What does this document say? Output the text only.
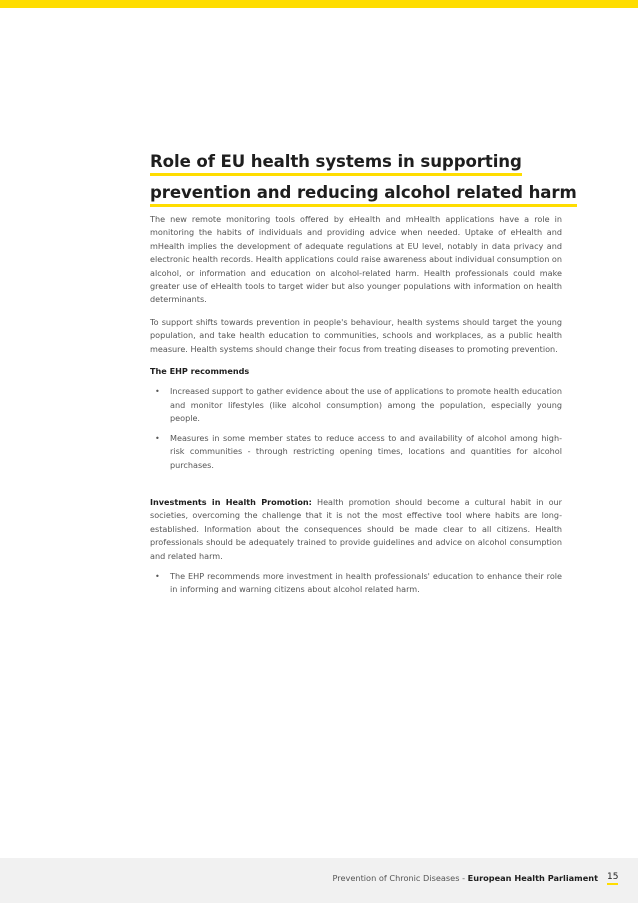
Role of EU health systems in supporting
prevention and reducing alcohol related harm

The new remote monitoring tools offered by eHealth and mHealth applications have a role in monitoring the habits of individuals and providing advice when needed. Uptake of eHealth and mHealth implies the development of adequate regulations at EU level, notably in data privacy and electronic health records. Health applications could raise awareness about individual consumption on alcohol, or information and education on alcohol-related harm. Health professionals could make greater use of eHealth tools to target wider but also younger populations with information on health determinants.

To support shifts towards prevention in people's behaviour, health systems should target the young population, and take health education to communities, schools and workplaces, as a public health measure. Health systems should change their focus from treating diseases to promoting prevention.

The EHP recommends

• Increased support to gather evidence about the use of applications to promote health education and monitor lifestyles (like alcohol consumption) among the population, especially young people.
• Measures in some member states to reduce access to and availability of alcohol among high-risk communities - through restricting opening times, locations and quantities for alcohol purchases.

Investments in Health Promotion: Health promotion should become a cultural habit in our societies, overcoming the challenge that it is not the most effective tool where habits are long-established. Information about the consequences should be made clear to all citizens. Health professionals should be adequately trained to provide guidelines and advice on alcohol consumption and related harm.

• The EHP recommends more investment in health professionals' education to enhance their role in informing and warning citizens about alcohol related harm.
Prevention of Chronic Diseases - European Health Parliament 15
